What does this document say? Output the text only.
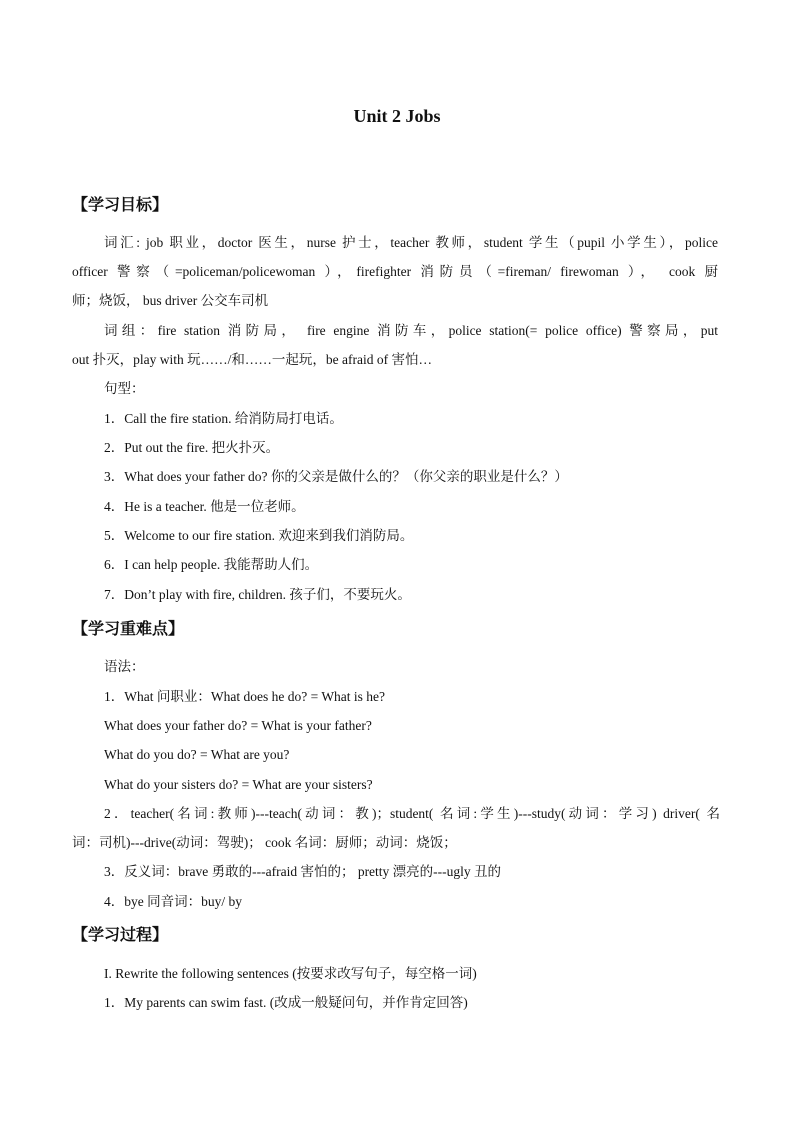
Unit 2 Jobs
【学习目标】
词汇: job 职业，doctor 医生，nurse 护士，teacher 教师，student 学生（pupil 小学生），police
officer 警察（=policeman/policewoman ），firefighter 消防员（=fireman/ firewoman ）， cook 厨
师；烧饭， bus driver 公交车司机
词组：fire station 消防局， fire engine 消防车，police station(= police office) 警察局，put
out 扑灭，play with 玩……/和……一起玩，be afraid of 害怕…
句型：
1．Call the fire station. 给消防局打电话。
2．Put out the fire. 把火扑灭。
3．What does your father do? 你的父亲是做什么的？（你父亲的职业是什么？）
4．He is a teacher. 他是一位老师。
5．Welcome to our fire station. 欢迎来到我们消防局。
6．I can help people. 我能帮助人们。
7．Don’t play with fire, children. 孩子们，不要玩火。
【学习重难点】
语法：
1．What 问职业：What does he do? = What is he?
What does your father do? = What is your father?
What do you do? = What are you?
What do your sisters do? = What are your sisters?
2．teacher(名词:教师)---teach(动词：教)；student( 名词:学生)---study(动词：学习) driver( 名
词：司机)---drive(动词：驾驶)； cook 名词：厨师；动词：烧饭；
3．反义词：brave 勇敢的---afraid 害怕的； pretty 漂亮的---ugly 丑的
4．bye 同音词：buy/ by
【学习过程】
I. Rewrite the following sentences (按要求改写句子，每空格一词)
1．My parents can swim fast. (改成一般疑问句，并作肯定回答)
